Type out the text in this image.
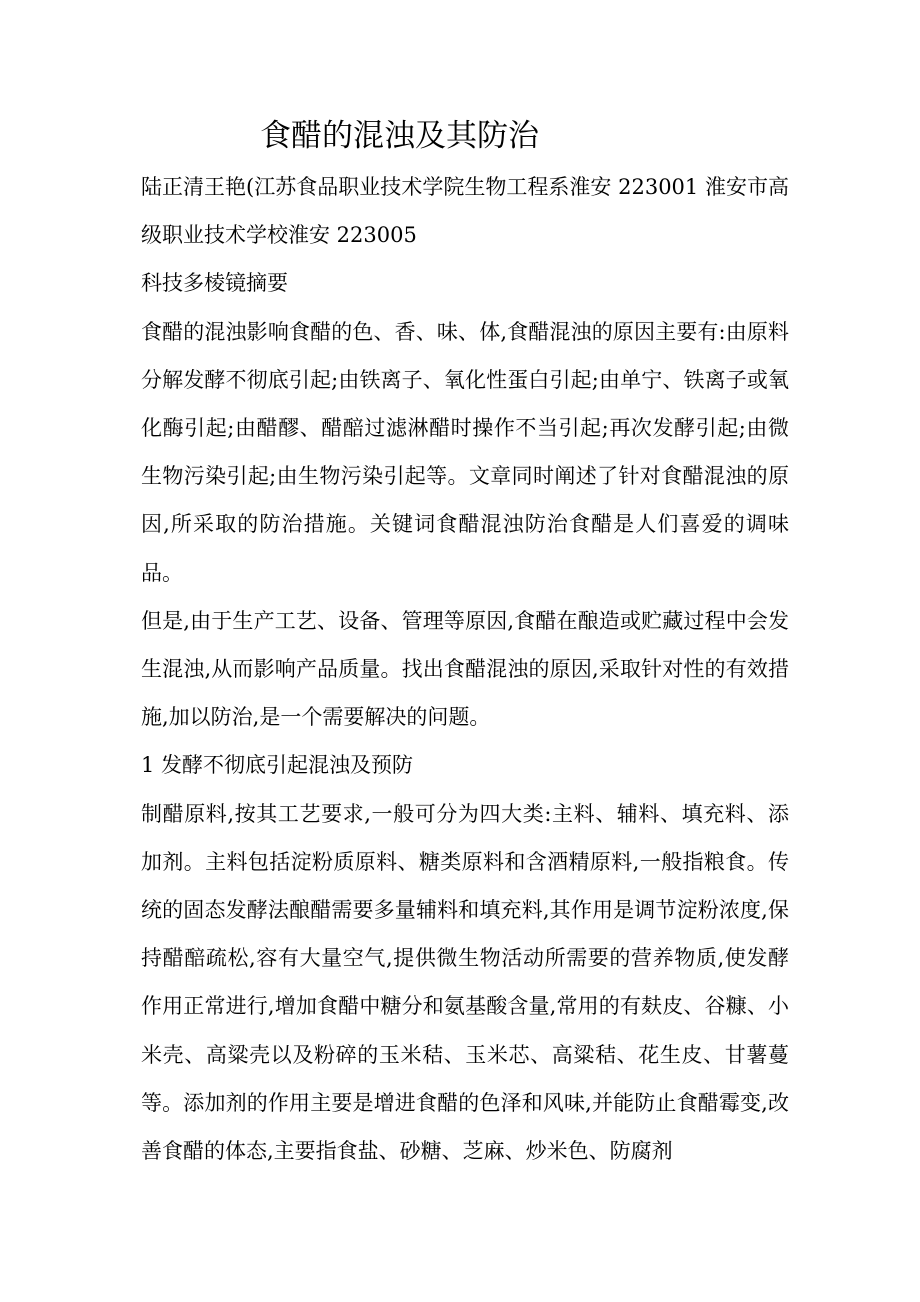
食醋的混浊及其防治

陆正清王艳(江苏食品职业技术学院生物工程系淮安 223001 淮安市高级职业技术学校淮安 223005

科技多棱镜摘要

食醋的混浊影响食醋的色、香、味、体,食醋混浊的原因主要有:由原料分解发酵不彻底引起;由铁离子、氧化性蛋白引起;由单宁、铁离子或氧化酶引起;由醋醪、醋醅过滤淋醋时操作不当引起;再次发酵引起;由微生物污染引起;由生物污染引起等。文章同时阐述了针对食醋混浊的原因,所采取的防治措施。关键词食醋混浊防治食醋是人们喜爱的调味品。

但是,由于生产工艺、设备、管理等原因,食醋在酿造或贮藏过程中会发生混浊,从而影响产品质量。找出食醋混浊的原因,采取针对性的有效措施,加以防治,是一个需要解决的问题。

1 发酵不彻底引起混浊及预防

制醋原料,按其工艺要求,一般可分为四大类:主料、辅料、填充料、添加剂。主料包括淀粉质原料、糖类原料和含酒精原料,一般指粮食。传统的固态发酵法酿醋需要多量辅料和填充料,其作用是调节淀粉浓度,保持醋醅疏松,容有大量空气,提供微生物活动所需要的营养物质,使发酵作用正常进行,增加食醋中糖分和氨基酸含量,常用的有麸皮、谷糠、小米壳、高粱壳以及粉碎的玉米秸、玉米芯、高粱秸、花生皮、甘薯蔓等。添加剂的作用主要是增进食醋的色泽和风味,并能防止食醋霉变,改善食醋的体态,主要指食盐、砂糖、芝麻、炒米色、防腐剂
